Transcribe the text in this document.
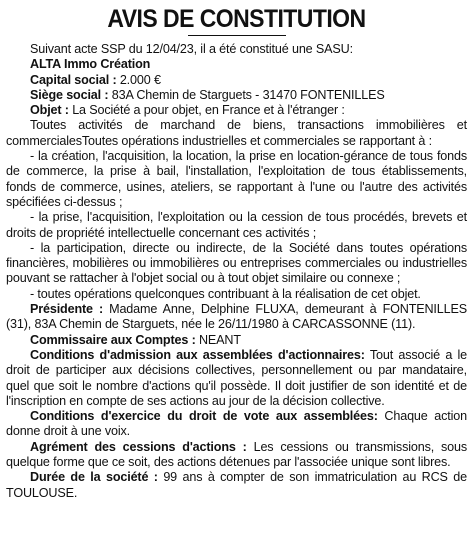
AVIS DE CONSTITUTION

Suivant acte SSP du 12/04/23, il a été constitué une SASU:

ALTA Immo Création

Capital social : 2.000 €

Siège social : 83A Chemin de Starguets - 31470 FONTENILLES

Objet : La Société a pour objet, en France et à l'étranger :

Toutes activités de marchand de biens, transactions immobilières et commercialesToutes opérations industrielles et commerciales se rapportant à :

- la création, l'acquisition, la location, la prise en location-gérance de tous fonds de commerce, la prise à bail, l'installation, l'exploitation de tous établissements, fonds de commerce, usines, ateliers, se rapportant à l'une ou l'autre des activités spécifiées ci-dessus ;

- la prise, l'acquisition, l'exploitation ou la cession de tous procédés, brevets et droits de propriété intellectuelle concernant ces activités ;

- la participation, directe ou indirecte, de la Société dans toutes opérations financières, mobilières ou immobilières ou entreprises commerciales ou industrielles pouvant se rattacher à l'objet social ou à tout objet similaire ou connexe ;

- toutes opérations quelconques contribuant à la réalisation de cet objet.

Présidente : Madame Anne, Delphine FLUXA, demeurant à FONTENILLES (31), 83A Chemin de Starguets, née le 26/11/1980 à CARCASSONNE (11).

Commissaire aux Comptes : NEANT

Conditions d'admission aux assemblées d'actionnaires: Tout associé a le droit de participer aux décisions collectives, personnellement ou par mandataire, quel que soit le nombre d'actions qu'il possède. Il doit justifier de son identité et de l'inscription en compte de ses actions au jour de la décision collective.

Conditions d'exercice du droit de vote aux assemblées: Chaque action donne droit à une voix.

Agrément des cessions d'actions : Les cessions ou transmissions, sous quelque forme que ce soit, des actions détenues par l'associée unique sont libres.

Durée de la société : 99 ans à compter de son immatriculation au RCS de TOULOUSE.
